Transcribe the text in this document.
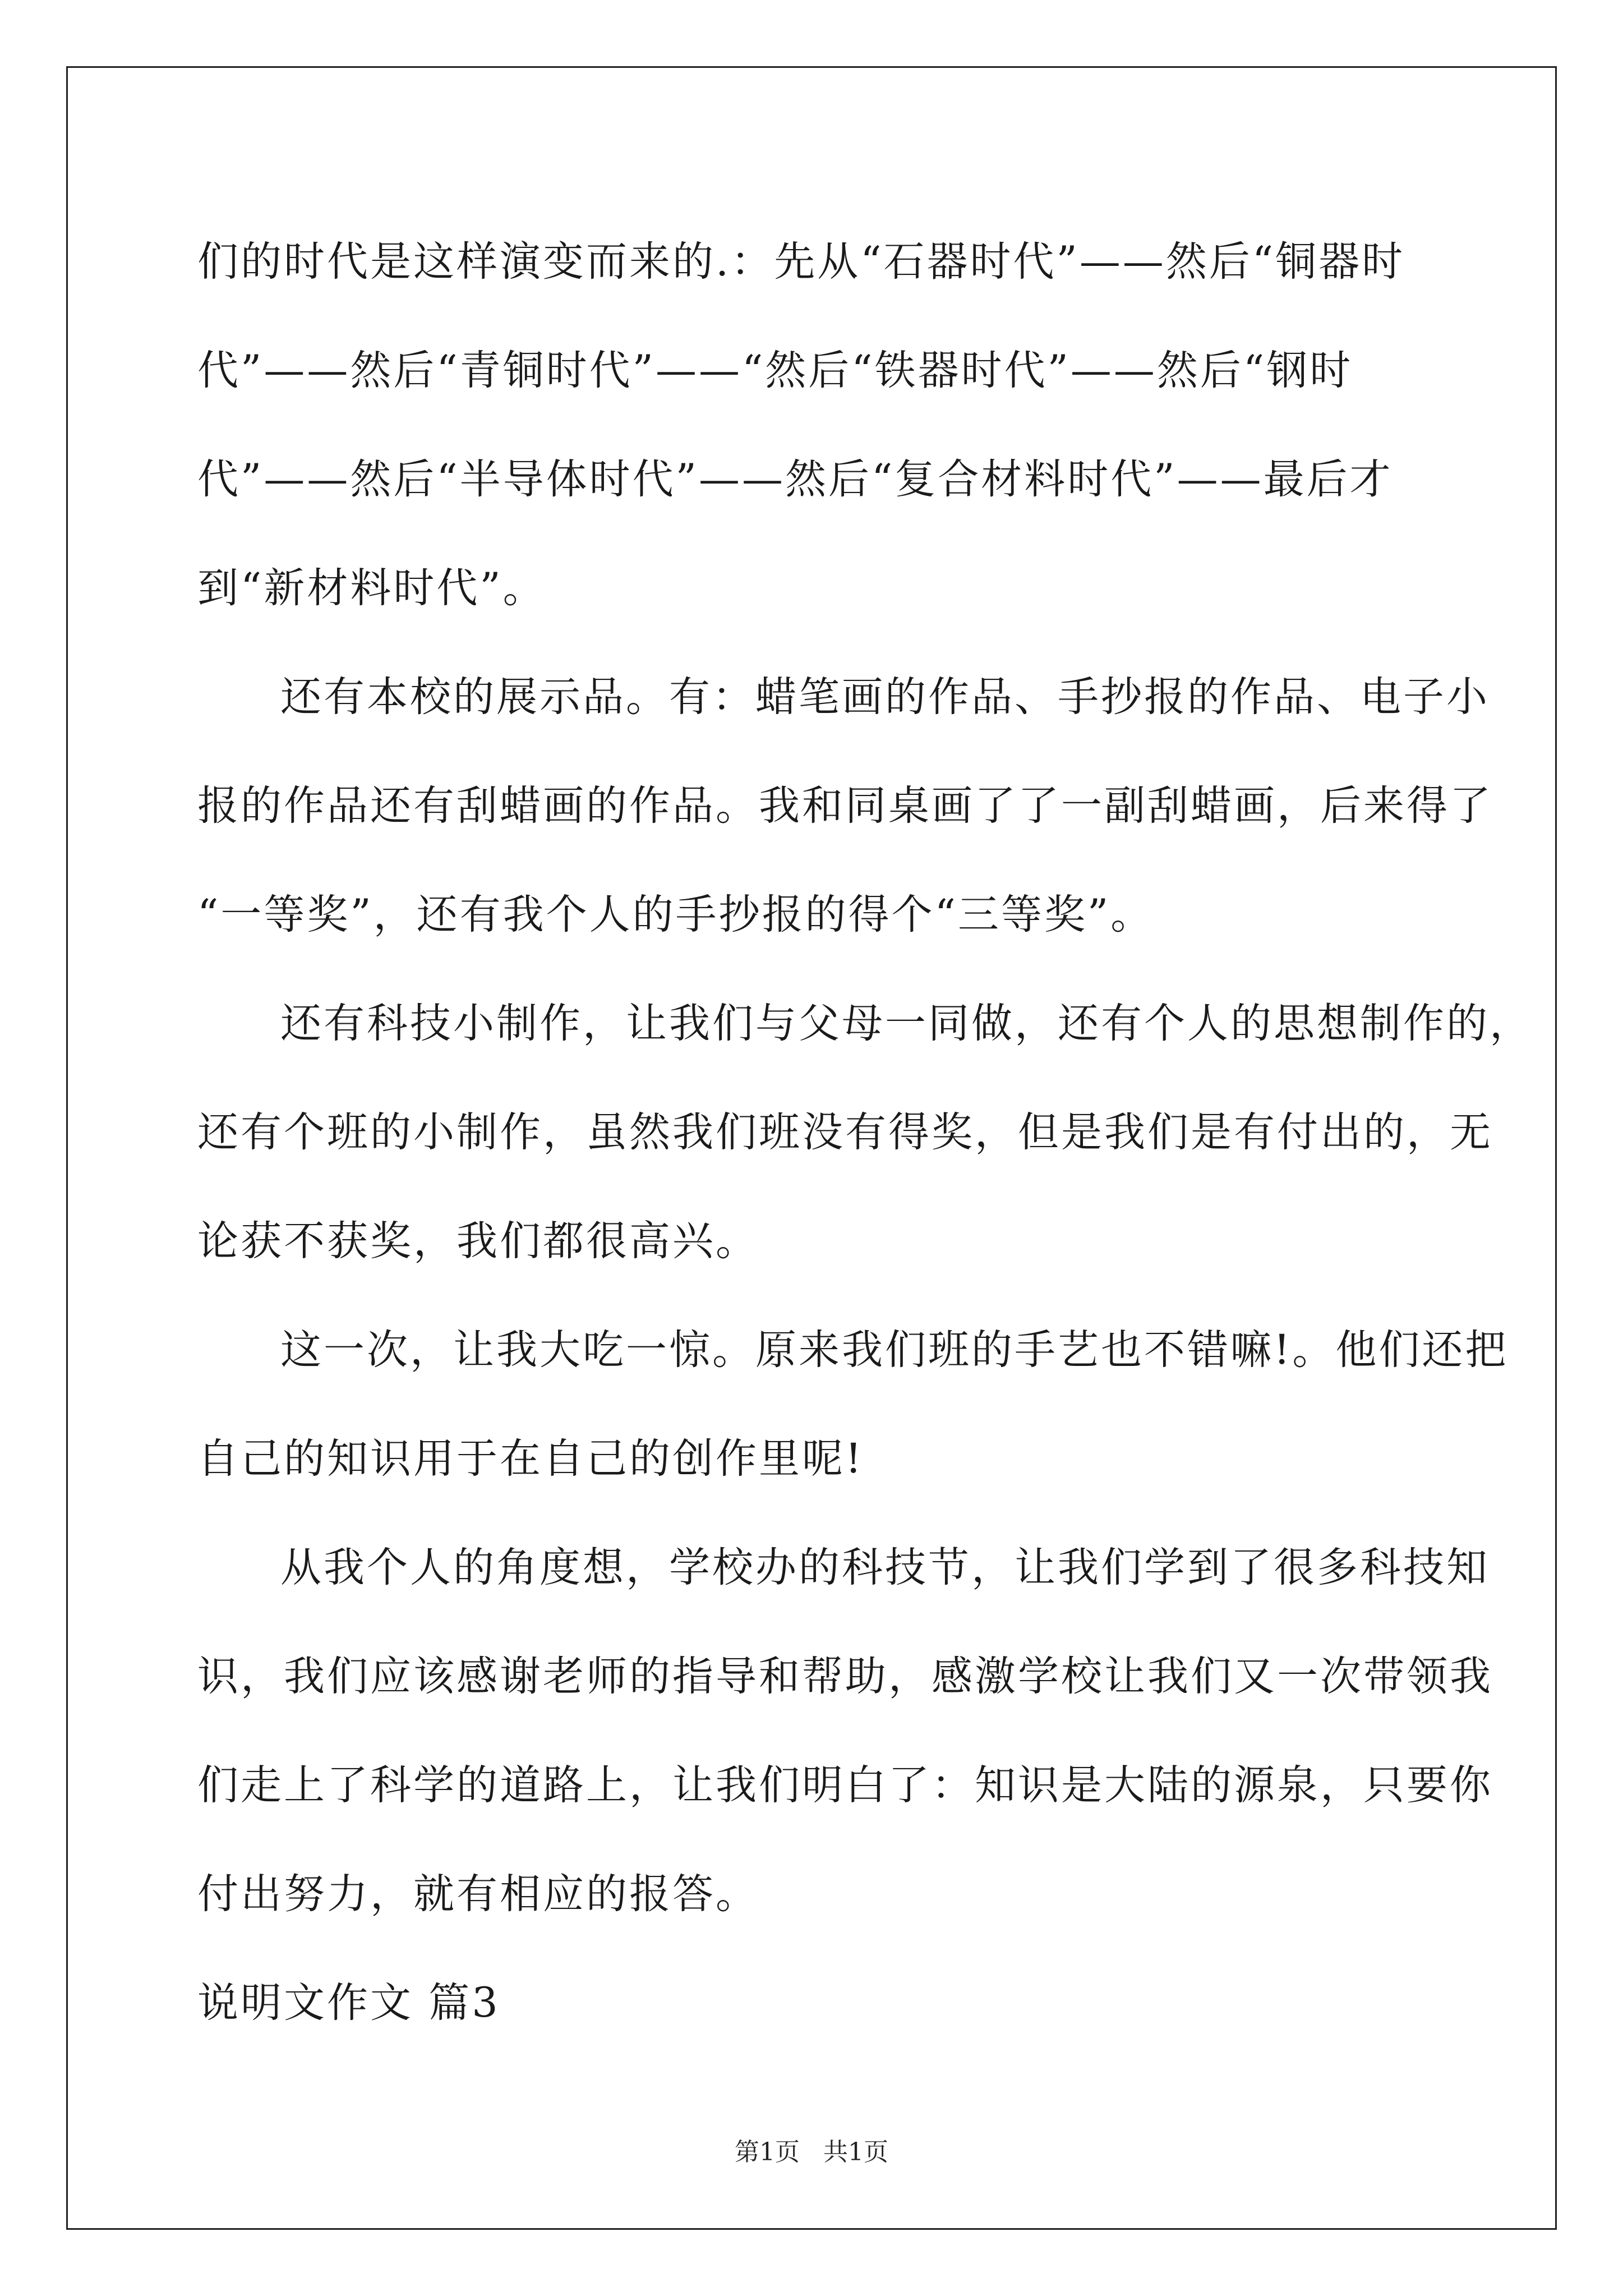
们的时代是这样演变而来的.：先从“石器时代”——然后“铜器时
代”——然后“青铜时代”——“然后“铁器时代”——然后“钢时
代”——然后“半导体时代”——然后“复合材料时代”——最后才
到“新材料时代”。

还有本校的展示品。有：蜡笔画的作品、手抄报的作品、电子小
报的作品还有刮蜡画的作品。我和同桌画了了一副刮蜡画，后来得了
“一等奖”，还有我个人的手抄报的得个“三等奖”。

还有科技小制作，让我们与父母一同做，还有个人的思想制作的，
还有个班的小制作，虽然我们班没有得奖，但是我们是有付出的，无
论获不获奖，我们都很高兴。

这一次，让我大吃一惊。原来我们班的手艺也不错嘛!。他们还把
自己的知识用于在自己的创作里呢!

从我个人的角度想，学校办的科技节，让我们学到了很多科技知
识，我们应该感谢老师的指导和帮助，感激学校让我们又一次带领我
们走上了科学的道路上，让我们明白了：知识是大陆的源泉，只要你
付出努力，就有相应的报答。

说明文作文 篇3

第1页 共1页
